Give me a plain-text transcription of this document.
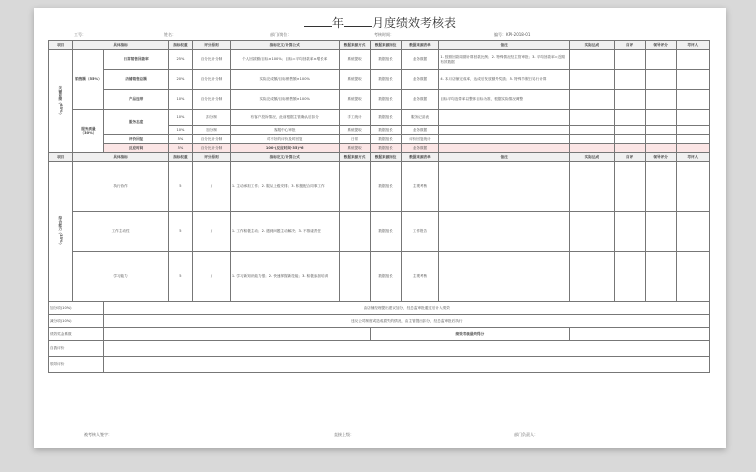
年 月度绩效考核表
工号：	姓名：	部门/岗位：	考核时间：	编号：KPI-2018-01
项目	具体指标		指标权重	评分原则	指标定义/计算公式	数据来源方式	数据来源岗位	数据来源表单	备注	实际达成	自评	领导评分	考评人
关键业绩（65%）	销售额（55%）	日常销售回款率	25%	百分比计分制	个人回款额/目标×100%；目标=平均回款率×增长率	系统提取	数据组长	业务数据	1. 按照回款周期计算回款比例；2. 特殊情况经主管审批；3. 平均回款率=近期有效数据				
		店铺销售总额	20%	百分比计分制	实际完成额/目标销售额×100%	系统提取	数据组长	业务数据	4. 本月店铺完成率，达成后发放额外奖励；5. 特殊节假日另行计算				
		产品连带	10%	百分比计分制	实际完成额/目标销售额×100%	系统提取	数据组长	业务数据	目标平均连带率以整体目标为准，根据实际情况调整				
	服务质量（30%）	服务态度	10%	扣分制	有客户投诉情况，此前根据主管确认后扣分	手工统计	数据组长	服务记录表					
			10%	加分制	客服中心审批	系统提取	数据组长	业务数据					
		评价回复	5%	百分比计分制	对不好的评价及时回复	日常	数据组长	评价回复统计					
		反应时间	5%	百分比计分制	100-(反应时间-35)*6	系统提取	数据组长	业务数据					
项目	具体指标		指标权重	评分原则	指标定义/计算公式	数据来源方式	数据来源岗位	数据来源表单	备注	实际达成	自评	领导评分	考评人
综合能力（35%）	执行协作		5	/	1. 主动承担工作；2. 服从上级安排；3. 积极配合同事工作		数据组长	主观考核					
	工作主动性		5	/	1. 工作积极主动；2. 遇到问题主动解决；3. 不推诿责任		数据组长	工作报告					
	学习能力		5	/	1. 学习新知识能力强；2. 快速掌握新技能；3. 积极参加培训		数据组长	主观考核					
加分项(10%)		由店铺经理提出建议加分，经总监审批通过后计入绩效											
减分项(10%)		违反公司制度或造成损失的情况，由主管提出扣分，经总监审批后执行											
绩效奖金系数							绩效考核最终得分						
自我评价													
领导评价													
被考核人签字：	直接上级：	部门负责人：
